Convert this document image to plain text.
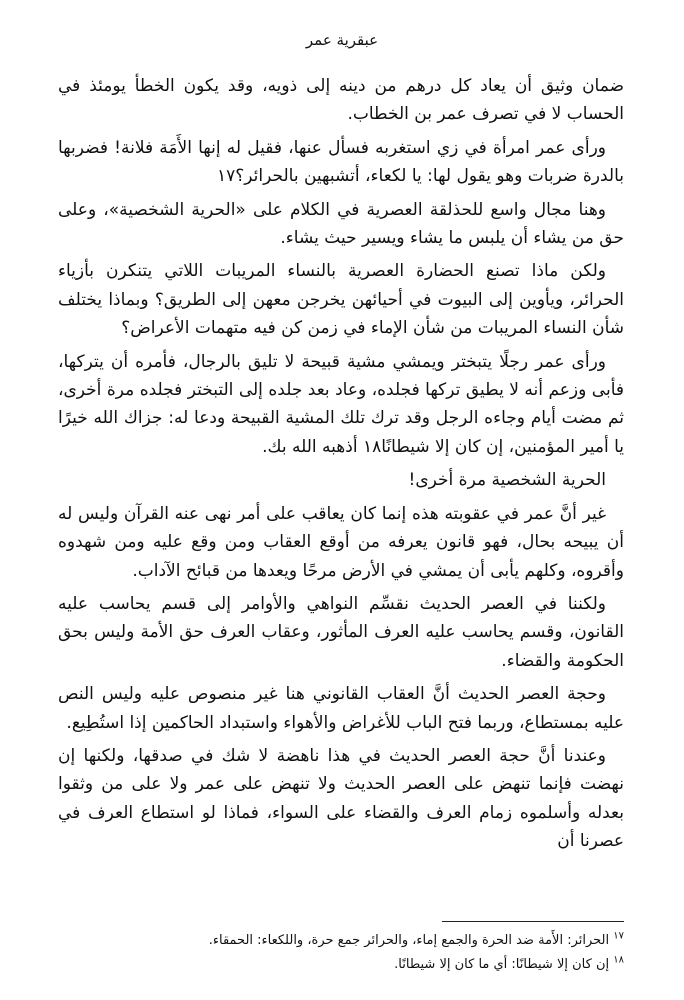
عبقرية عمر

ضمان وثيق أن يعاد كل درهم من دينه إلى ذويه، وقد يكون الخطأ يومئذ في الحساب لا في تصرف عمر بن الخطاب.

ورأى عمر امرأة في زي استغربه فسأل عنها، فقيل له إنها الأَمَة فلانة! فضربها بالدرة ضربات وهو يقول لها: يا لكعاء، أتشبهين بالحرائر؟١٧

وهنا مجال واسع للحذلقة العصرية في الكلام على «الحرية الشخصية»، وعلى حق من يشاء أن يلبس ما يشاء ويسير حيث يشاء.

ولكن ماذا تصنع الحضارة العصرية بالنساء المريبات اللاتي يتنكرن بأزياء الحرائر، ويأوين إلى البيوت في أحيائهن يخرجن معهن إلى الطريق؟ وبماذا يختلف شأن النساء المريبات من شأن الإماء في زمن كن فيه متهمات الأعراض؟

ورأى عمر رجلًا يتبختر ويمشي مشية قبيحة لا تليق بالرجال، فأمره أن يتركها، فأبى وزعم أنه لا يطيق تركها فجلده، وعاد بعد جلده إلى التبختر فجلده مرة أخرى، ثم مضت أيام وجاءه الرجل وقد ترك تلك المشية القبيحة ودعا له: جزاك الله خيرًا يا أمير المؤمنين، إن كان إلا شيطانًا١٨ أذهبه الله بك.

الحرية الشخصية مرة أخرى!

غير أنَّ عمر في عقوبته هذه إنما كان يعاقب على أمر نهى عنه القرآن وليس له أن يبيحه بحال، فهو قانون يعرفه من أوقع العقاب ومن وقع عليه ومن شهدوه وأقروه، وكلهم يأبى أن يمشي في الأرض مرحًا ويعدها من قبائح الآداب.

ولكننا في العصر الحديث نقسِّم النواهي والأوامر إلى قسم يحاسب عليه القانون، وقسم يحاسب عليه العرف المأثور، وعقاب العرف حق الأمة وليس بحق الحكومة والقضاء.

وحجة العصر الحديث أنَّ العقاب القانوني هنا غير منصوص عليه وليس النص عليه بمستطاع، وربما فتح الباب للأغراض والأهواء واستبداد الحاكمين إذا استُطِيع.

وعندنا أنَّ حجة العصر الحديث في هذا ناهضة لا شك في صدقها، ولكنها إن نهضت فإنما تنهض على العصر الحديث ولا تنهض على عمر ولا على من وثقوا بعدله وأسلموه زمام العرف والقضاء على السواء، فماذا لو استطاع العرف في عصرنا أن

$^{١٧}$ الحرائر: الأَمة ضد الحرة والجمع إماء، والحرائر جمع حرة، واللكعاء: الحمقاء.

$^{١٨}$ إن كان إلا شيطانًا: أي ما كان إلا شيطانًا.
